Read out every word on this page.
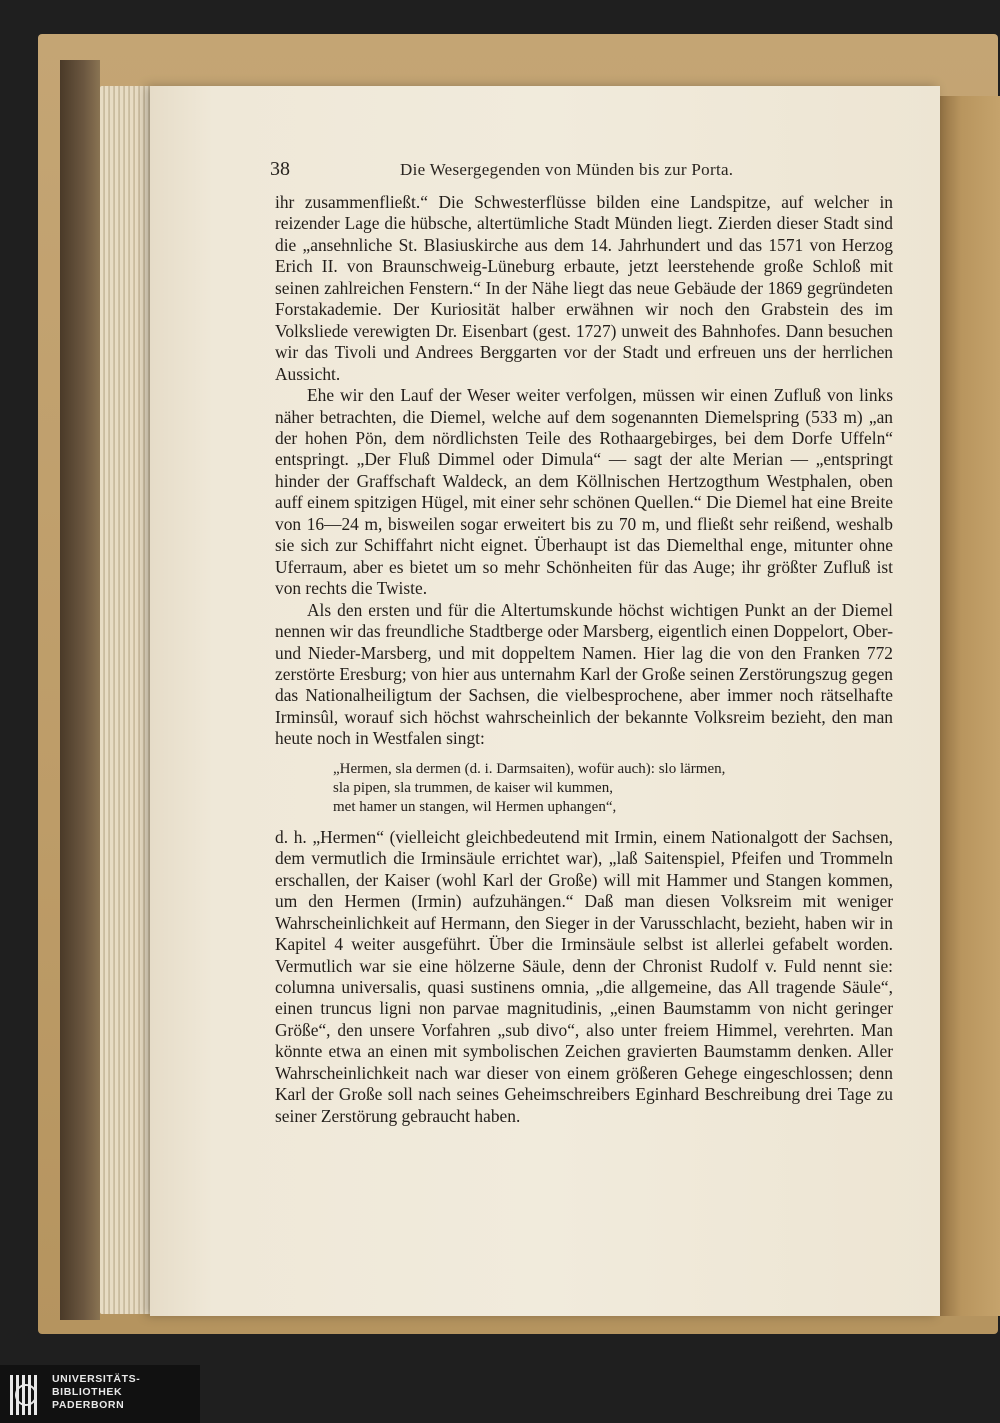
38	Die Wesergegenden von Münden bis zur Porta.

ihr zusammenfließt.“ Die Schwesterflüsse bilden eine Landspitze, auf welcher in reizender Lage die hübsche, altertümliche Stadt Münden liegt. Zierden dieser Stadt sind die „ansehnliche St. Blasiuskirche aus dem 14. Jahrhundert und das 1571 von Herzog Erich II. von Braunschweig-Lüneburg erbaute, jetzt leerstehende große Schloß mit seinen zahlreichen Fenstern.“ In der Nähe liegt das neue Gebäude der 1869 gegründeten Forstakademie. Der Kuriosität halber erwähnen wir noch den Grabstein des im Volksliede verewigten Dr. Eisenbart (gest. 1727) unweit des Bahnhofes. Dann besuchen wir das Tivoli und Andrees Berggarten vor der Stadt und erfreuen uns der herrlichen Aussicht.

Ehe wir den Lauf der Weser weiter verfolgen, müssen wir einen Zufluß von links näher betrachten, die Diemel, welche auf dem sogenannten Diemelspring (533 m) „an der hohen Pön, dem nördlichsten Teile des Rothaargebirges, bei dem Dorfe Uffeln“ entspringt. „Der Fluß Dimmel oder Dimula“ — sagt der alte Merian — „entspringt hinder der Graffschaft Waldeck, an dem Köllnischen Hertzogthum Westphalen, oben auff einem spitzigen Hügel, mit einer sehr schönen Quellen.“ Die Diemel hat eine Breite von 16—24 m, bisweilen sogar erweitert bis zu 70 m, und fließt sehr reißend, weshalb sie sich zur Schiffahrt nicht eignet. Überhaupt ist das Diemelthal enge, mitunter ohne Uferraum, aber es bietet um so mehr Schönheiten für das Auge; ihr größter Zufluß ist von rechts die Twiste.

Als den ersten und für die Altertumskunde höchst wichtigen Punkt an der Diemel nennen wir das freundliche Stadtberge oder Marsberg, eigentlich einen Doppelort, Ober- und Nieder-Marsberg, und mit doppeltem Namen. Hier lag die von den Franken 772 zerstörte Eresburg; von hier aus unternahm Karl der Große seinen Zerstörungszug gegen das Nationalheiligtum der Sachsen, die vielbesprochene, aber immer noch rätselhafte Irminsûl, worauf sich höchst wahrscheinlich der bekannte Volksreim bezieht, den man heute noch in Westfalen singt:

„Hermen, sla dermen (d. i. Darmsaiten), wofür auch): slo lärmen,
sla pipen, sla trummen, de kaiser wil kummen,
met hamer un stangen, wil Hermen uphangen“,

d. h. „Hermen“ (vielleicht gleichbedeutend mit Irmin, einem Nationalgott der Sachsen, dem vermutlich die Irminsäule errichtet war), „laß Saitenspiel, Pfeifen und Trommeln erschallen, der Kaiser (wohl Karl der Große) will mit Hammer und Stangen kommen, um den Hermen (Irmin) aufzuhängen.“ Daß man diesen Volksreim mit weniger Wahrscheinlichkeit auf Hermann, den Sieger in der Varusschlacht, bezieht, haben wir in Kapitel 4 weiter ausgeführt. Über die Irminsäule selbst ist allerlei gefabelt worden. Vermutlich war sie eine hölzerne Säule, denn der Chronist Rudolf v. Fuld nennt sie: columna universalis, quasi sustinens omnia, „die allgemeine, das All tragende Säule“, einen truncus ligni non parvae magnitudinis, „einen Baumstamm von nicht geringer Größe“, den unsere Vorfahren „sub divo“, also unter freiem Himmel, verehrten. Man könnte etwa an einen mit symbolischen Zeichen gravierten Baumstamm denken. Aller Wahrscheinlichkeit nach war dieser von einem größeren Gehege eingeschlossen; denn Karl der Große soll nach seines Geheimschreibers Eginhard Beschreibung drei Tage zu seiner Zerstörung gebraucht haben.

UNIVERSITÄTS-
BIBLIOTHEK
PADERBORN
